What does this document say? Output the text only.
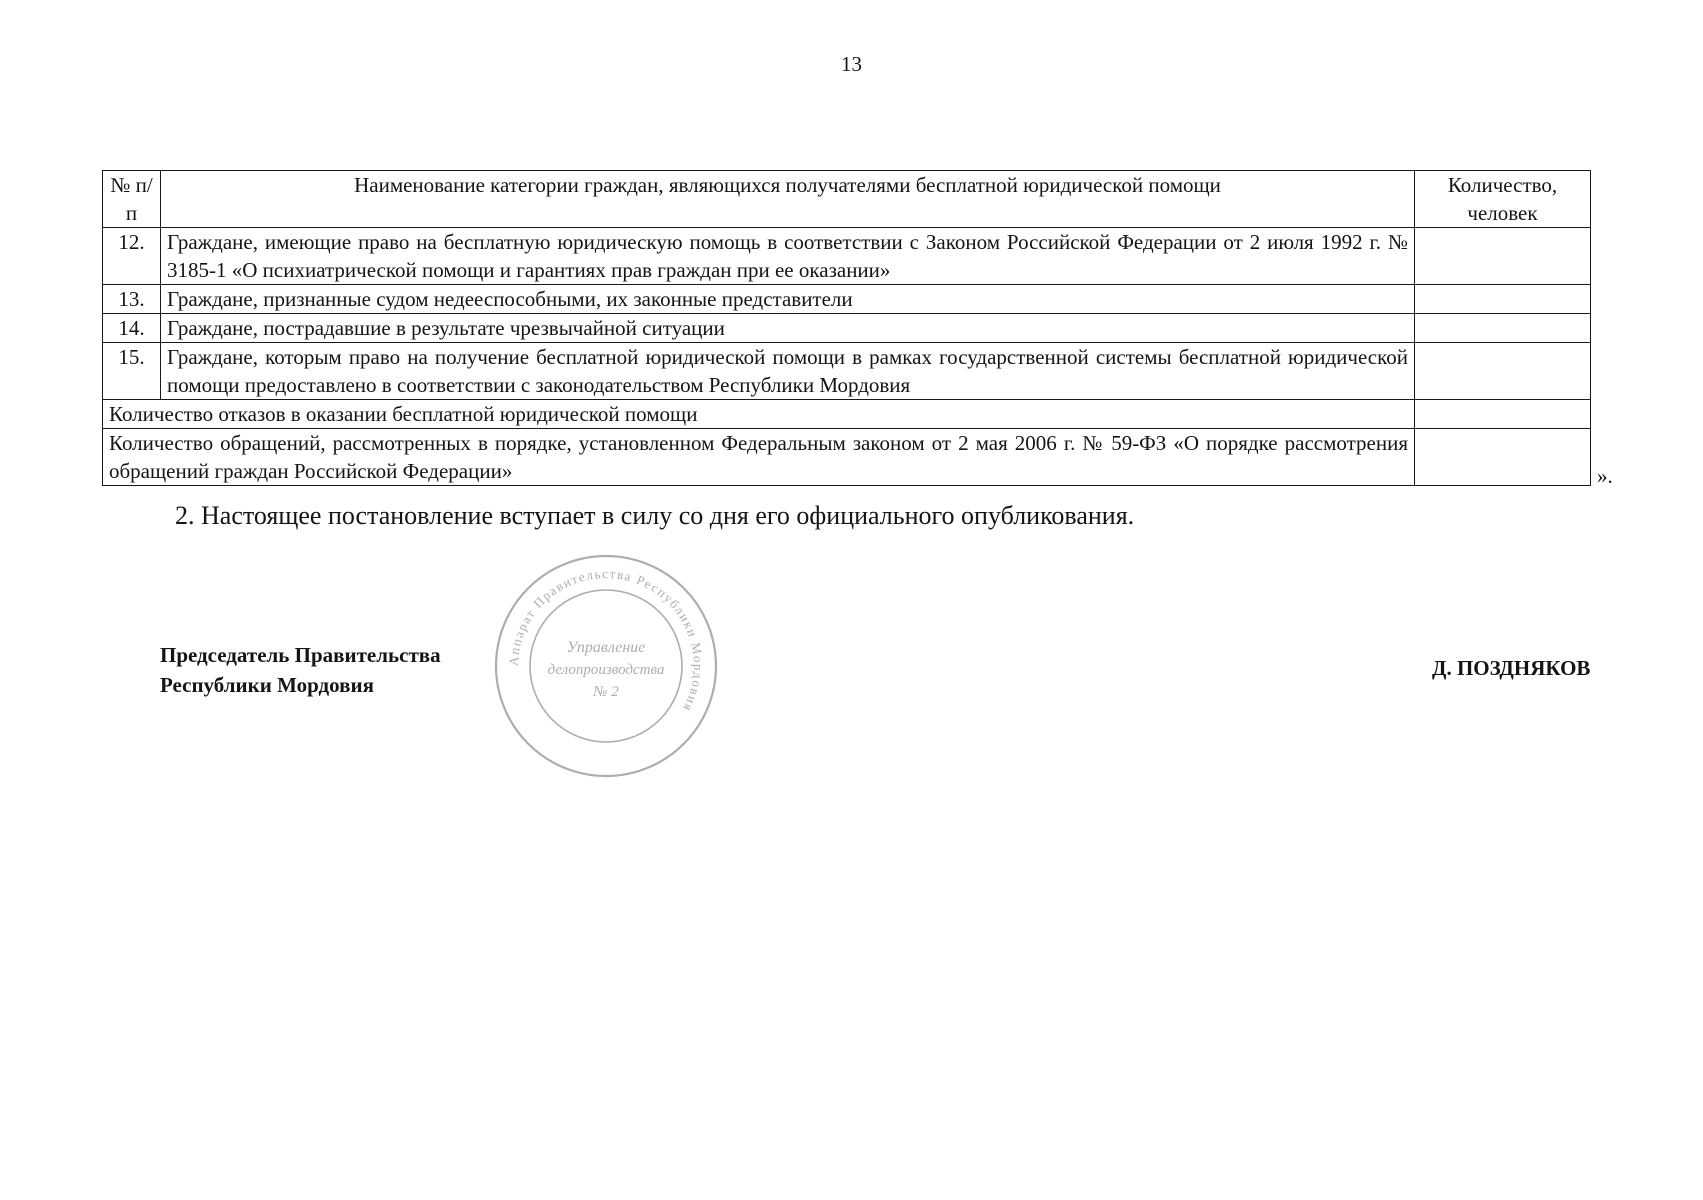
13
№ п/п	Наименование категории граждан, являющихся получателями бесплатной юридической помощи	Количество, человек
12.	Граждане, имеющие право на бесплатную юридическую помощь в соответствии с Законом Российской Федерации от 2 июля 1992 г. № 3185-1 «О психиатрической помощи и гарантиях прав граждан при ее оказании»	
13.	Граждане, признанные судом недееспособными, их законные представители	
14.	Граждане, пострадавшие в результате чрезвычайной ситуации	
15.	Граждане, которым право на получение бесплатной юридической помощи в рамках государственной системы бесплатной юридической помощи предоставлено в соответствии с законодательством Республики Мордовия	
Количество отказов в оказании бесплатной юридической помощи		
Количество обращений, рассмотренных в порядке, установленном Федеральным законом от 2 мая 2006 г. № 59-ФЗ «О порядке рассмотрения обращений граждан Российской Федерации»			».
2. Настоящее постановление вступает в силу со дня его официального опубликования.
Председатель Правительства
Республики Мордовия
Д. ПОЗДНЯКОВ
Аппарат Правительства Республики Мордовия
Управление
делопроизводства
№ 2
